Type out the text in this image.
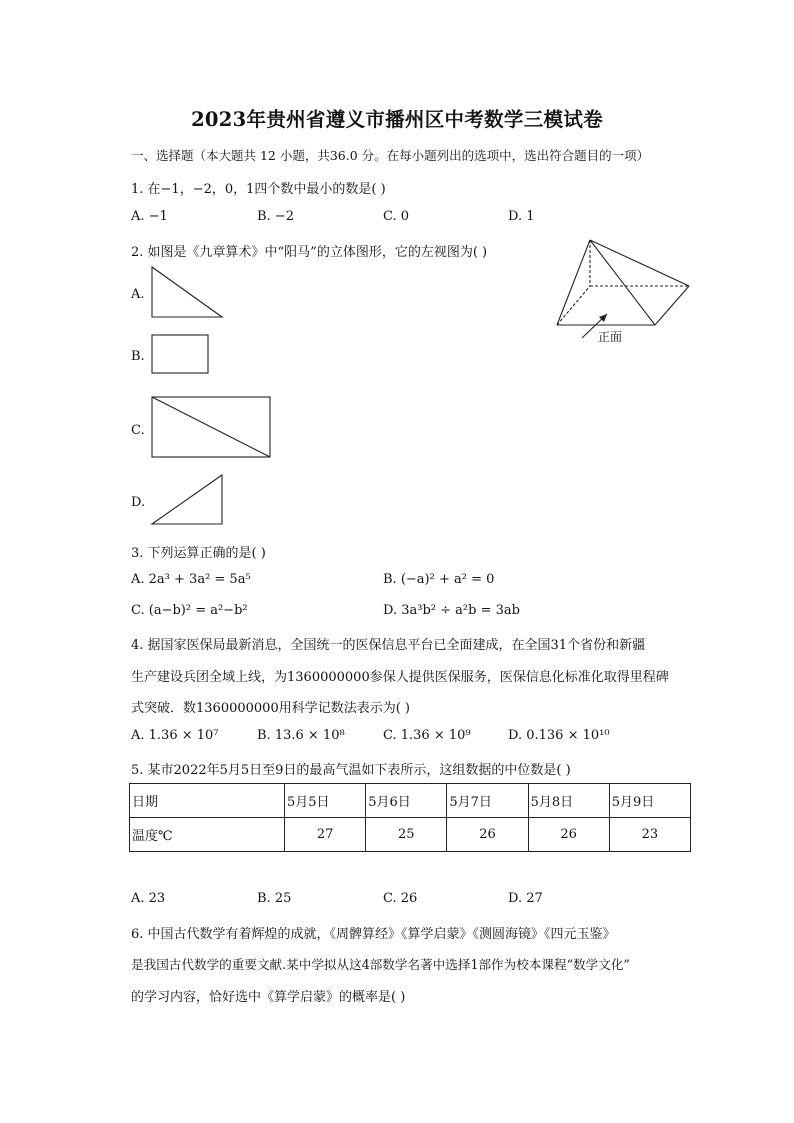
2023年贵州省遵义市播州区中考数学三模试卷
一、选择题（本大题共 12 小题，共36.0 分。在每小题列出的选项中，选出符合题目的一项）
1. 在−1，−2，0，1四个数中最小的数是( )
A. −1	B. −2	C. 0	D. 1
2. 如图是《九章算术》中“阳马”的立体图形，它的左视图为( )
正面
A.
B.
C.
D.
3. 下列运算正确的是( )
A. 2a³ + 3a² = 5a⁵	B. (−a)² + a² = 0
C. (a−b)² = a²−b²	D. 3a³b² ÷ a²b = 3ab
4. 据国家医保局最新消息，全国统一的医保信息平台已全面建成，在全国31个省份和新疆
生产建设兵团全域上线，为1360000000参保人提供医保服务，医保信息化标准化取得里程碑
式突破．数1360000000用科学记数法表示为( )
A. 1.36 × 10⁷	B. 13.6 × 10⁸	C. 1.36 × 10⁹	D. 0.136 × 10¹⁰
5. 某市2022年5月5日至9日的最高气温如下表所示，这组数据的中位数是( )
日期	5月5日	5月6日	5月7日	5月8日	5月9日
温度℃	27	25	26	26	23
A. 23	B. 25	C. 26	D. 27
6. 中国古代数学有着辉煌的成就，《周髀算经》《算学启蒙》《测圆海镜》《四元玉鉴》
是我国古代数学的重要文献.某中学拟从这4部数学名著中选择1部作为校本课程“数学文化”
的学习内容，恰好选中《算学启蒙》的概率是( )
